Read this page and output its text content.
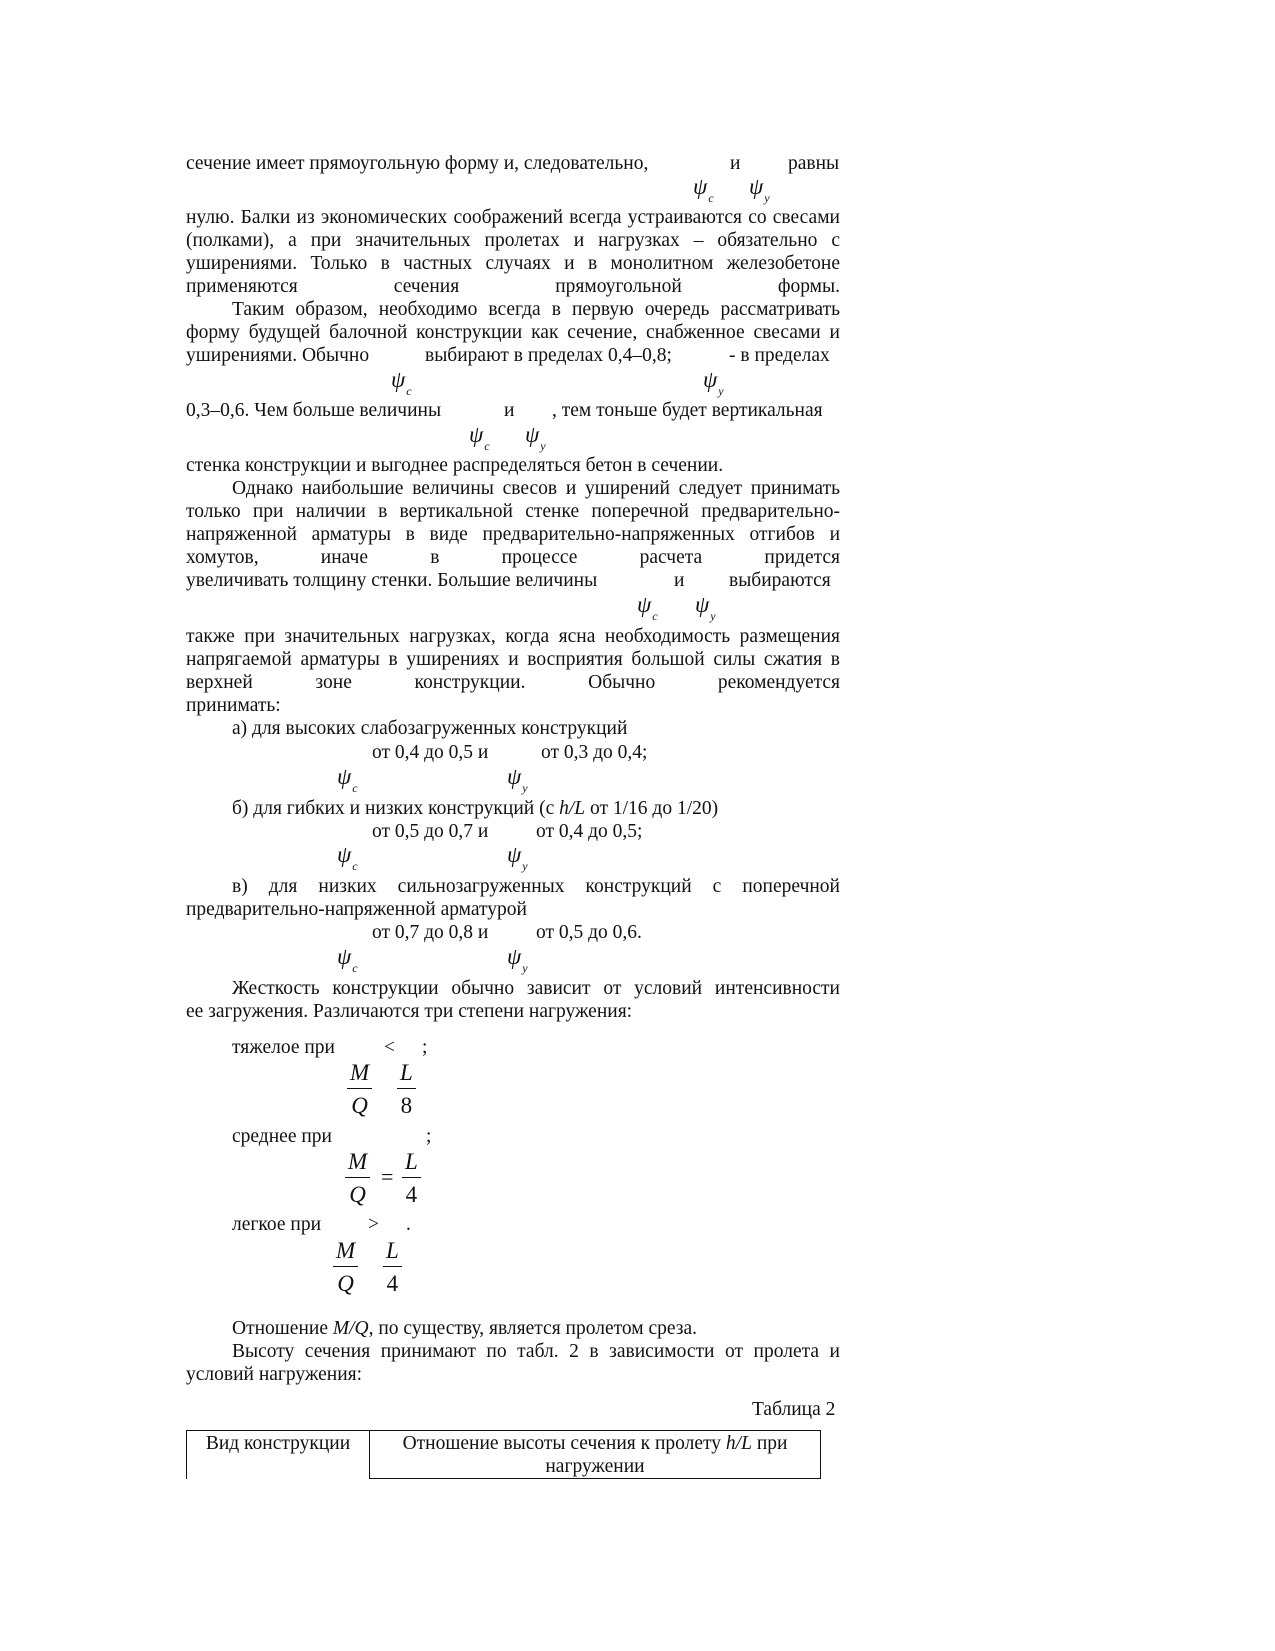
сечение имеет прямоугольную форму и, следовательно,	и равны
$\psi_c$ $\psi_y$
нулю. Балки из экономических соображений всегда устраиваются со свесами (полками), а при значительных пролетах и нагрузках – обязательно с уширениями. Только в частных случаях и в монолитном железобетоне применяются сечения прямоугольной формы.
Таким образом, необходимо всегда в первую очередь рассматривать форму будущей балочной конструкции как сечение, снабженное свесами и
уширениями. Обычно	выбирают в пределах 0,4–0,8;	- в пределах
$\psi_c$	$\psi_y$
0,3–0,6. Чем больше величины	и , тем тоньше будет вертикальная
$\psi_c$ $\psi_y$
стенка конструкции и выгоднее распределяться бетон в сечении.
Однако наибольшие величины свесов и уширений следует принимать только при наличии в вертикальной стенке поперечной предварительно-напряженной арматуры в виде предварительно-напряженных отгибов и хомутов, иначе в процессе расчета придется
увеличивать толщину стенки. Большие величины	и выбираются
$\psi_c$ $\psi_y$
также при значительных нагрузках, когда ясна необходимость размещения напрягаемой арматуры в уширениях и восприятия большой силы сжатия в верхней зоне конструкции. Обычно рекомендуется
принимать:
а) для высоких слабозагруженных конструкций
от 0,4 до 0,5 и	от 0,3 до 0,4;
$\psi_c$	$\psi_y$
б) для гибких и низких конструкций (с h/L от 1/16 до 1/20)
от 0,5 до 0,7 и от 0,4 до 0,5;
$\psi_c$	$\psi_y$
в) для низких сильнозагруженных конструкций с поперечной
предварительно-напряженной арматурой
от 0,7 до 0,8 и от 0,5 до 0,6.
$\psi_c$	$\psi_y$
Жесткость конструкции обычно зависит от условий интенсивности
ее загружения. Различаются три степени нагружения:
тяжелое при	< ;
$\frac{M}{Q} \frac{L}{8}$
среднее при	;
$\frac{M}{Q} = \frac{L}{4}$
легкое при > .
$\frac{M}{Q} \frac{L}{4}$
Отношение M/Q, по существу, является пролетом среза.
Высоту сечения принимают по табл. 2 в зависимости от пролета и
условий нагружения:
Таблица 2
Вид конструкции	Отношение высоты сечения к пролету h/L при
нагружении
